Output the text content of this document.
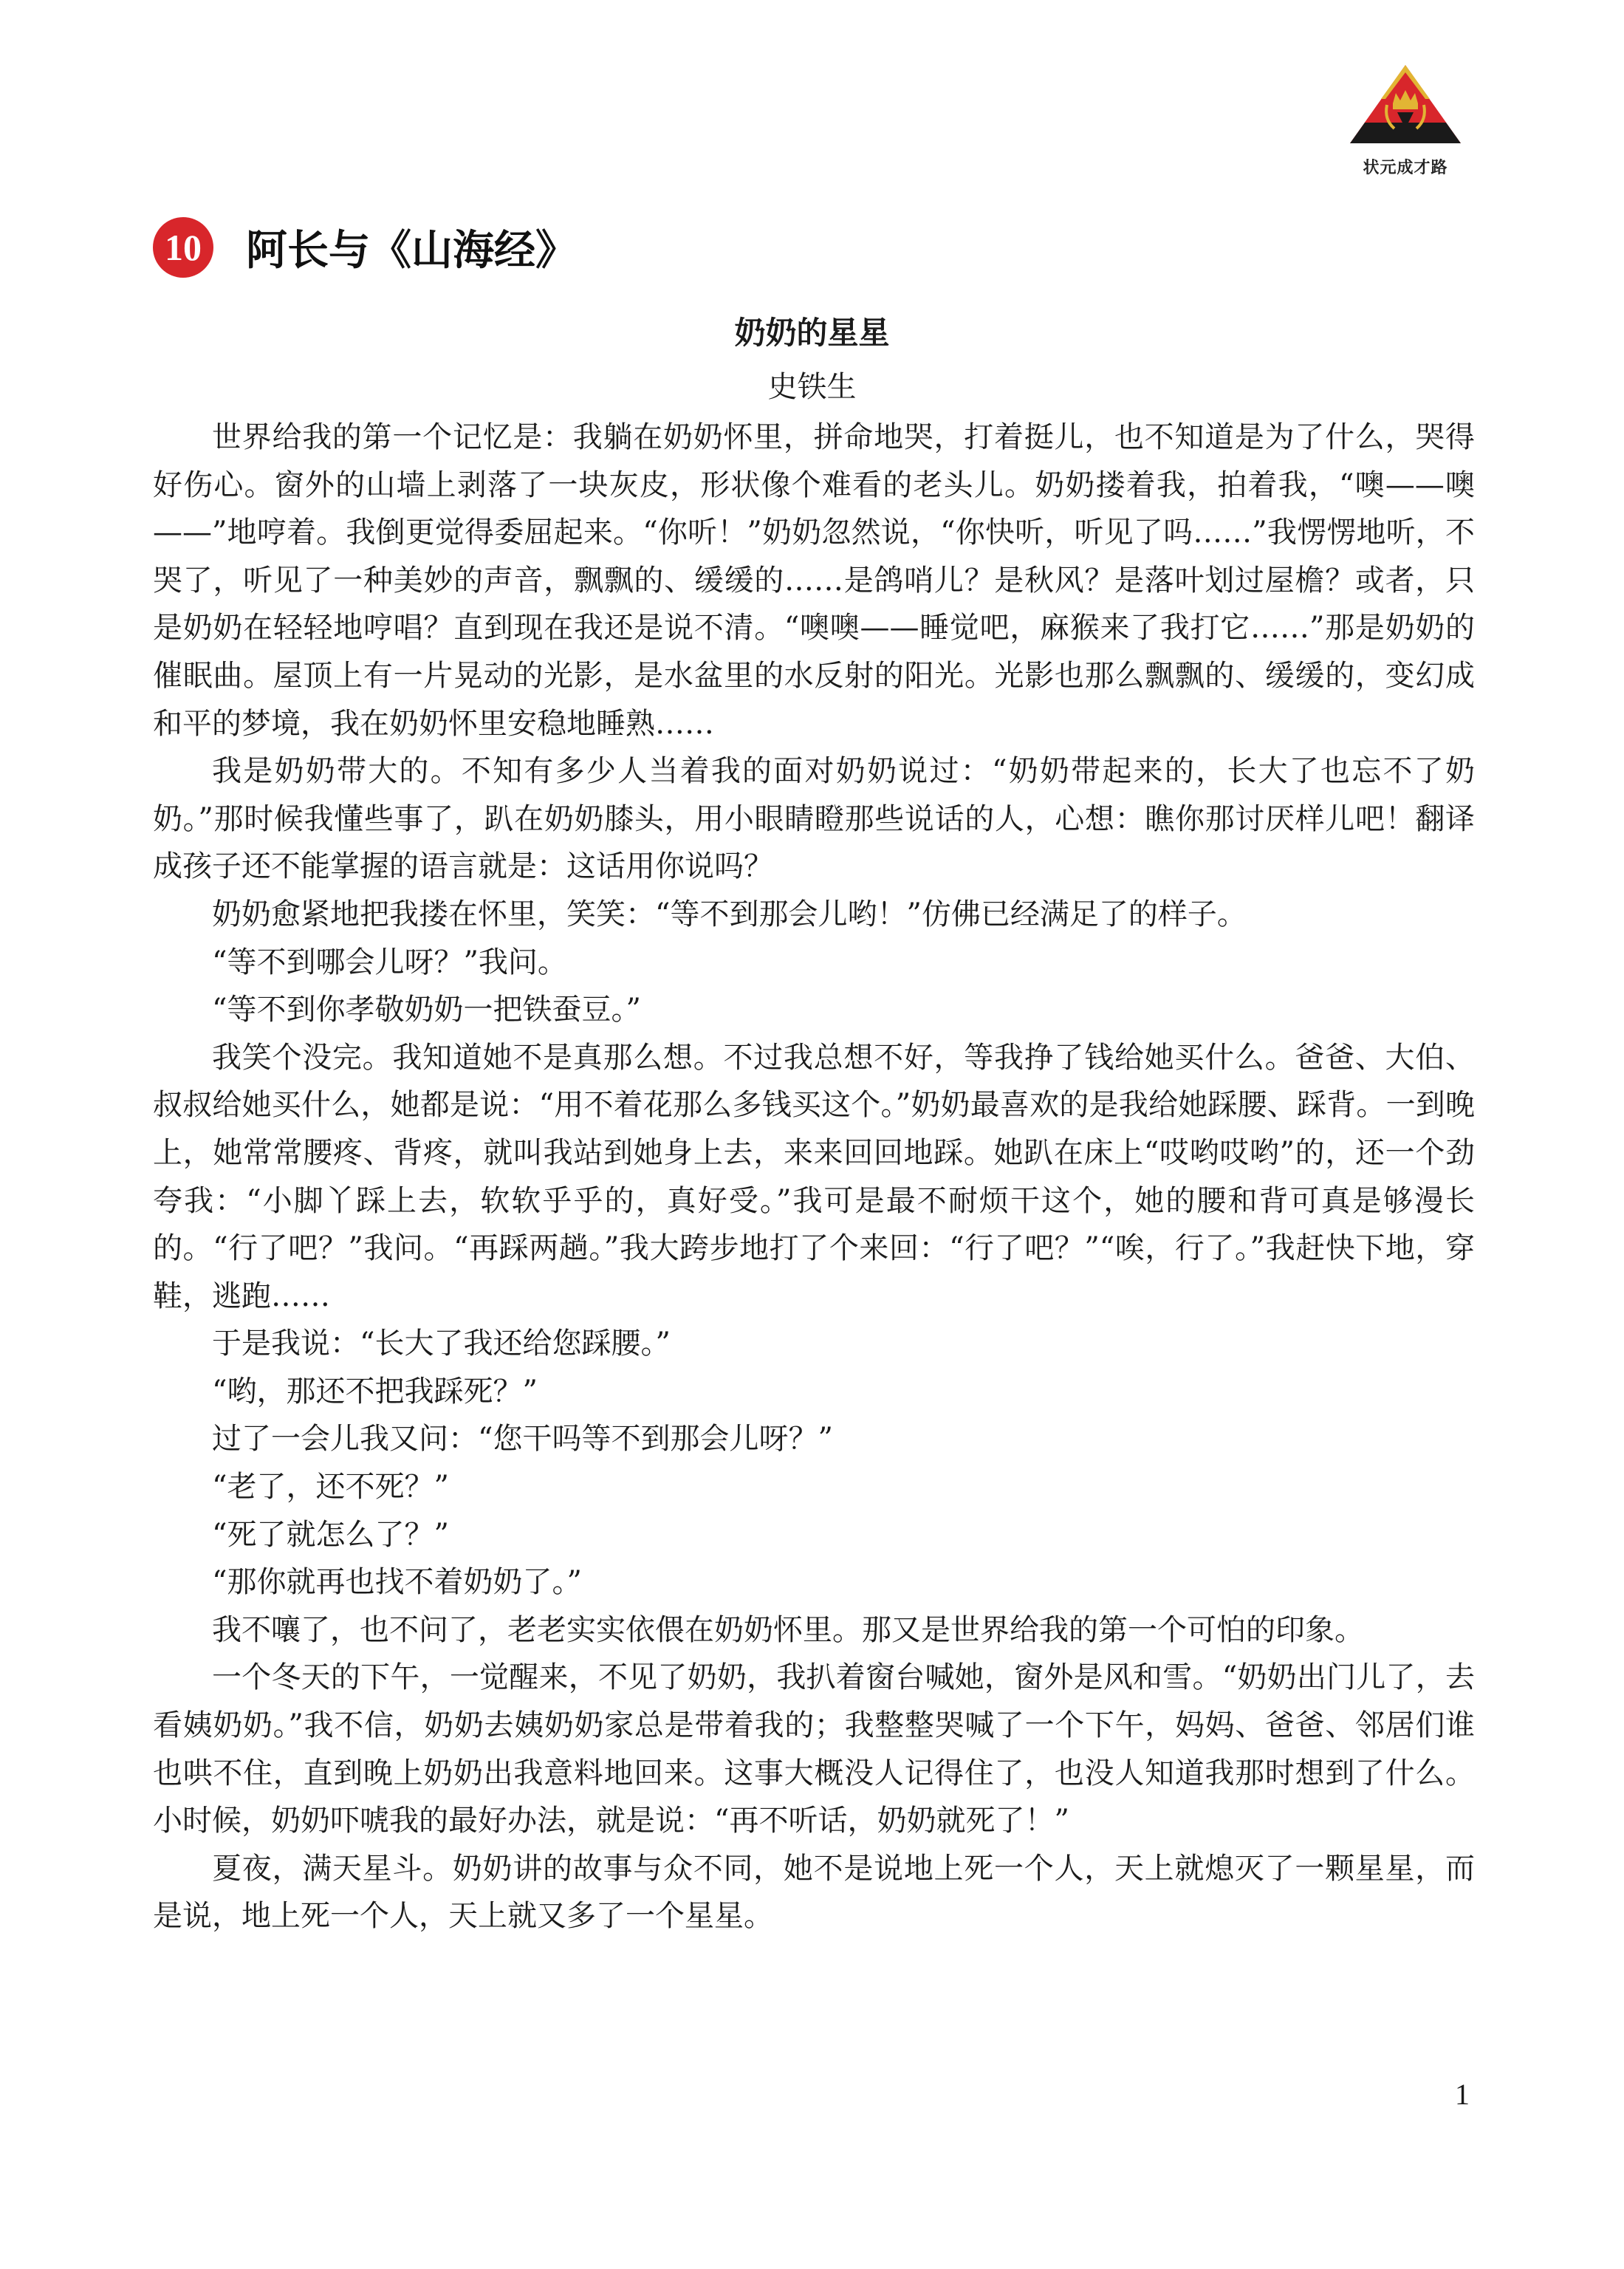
状元成才路
10 阿长与《山海经》
奶奶的星星
史铁生

世界给我的第一个记忆是：我躺在奶奶怀里，拼命地哭，打着挺儿，也不知道是为了什么，哭得好伤心。窗外的山墙上剥落了一块灰皮，形状像个难看的老头儿。奶奶搂着我，拍着我，“噢——噢——”地哼着。我倒更觉得委屈起来。“你听！”奶奶忽然说，“你快听，听见了吗……”我愣愣地听，不哭了，听见了一种美妙的声音，飘飘的、缓缓的……是鸽哨儿？是秋风？是落叶划过屋檐？或者，只是奶奶在轻轻地哼唱？直到现在我还是说不清。“噢噢——睡觉吧，麻猴来了我打它……”那是奶奶的催眠曲。屋顶上有一片晃动的光影，是水盆里的水反射的阳光。光影也那么飘飘的、缓缓的，变幻成和平的梦境，我在奶奶怀里安稳地睡熟……

我是奶奶带大的。不知有多少人当着我的面对奶奶说过：“奶奶带起来的，长大了也忘不了奶奶。”那时候我懂些事了，趴在奶奶膝头，用小眼睛瞪那些说话的人，心想：瞧你那讨厌样儿吧！翻译成孩子还不能掌握的语言就是：这话用你说吗？

奶奶愈紧地把我搂在怀里，笑笑：“等不到那会儿哟！”仿佛已经满足了的样子。

“等不到哪会儿呀？”我问。

“等不到你孝敬奶奶一把铁蚕豆。”

我笑个没完。我知道她不是真那么想。不过我总想不好，等我挣了钱给她买什么。爸爸、大伯、叔叔给她买什么，她都是说：“用不着花那么多钱买这个。”奶奶最喜欢的是我给她踩腰、踩背。一到晚上，她常常腰疼、背疼，就叫我站到她身上去，来来回回地踩。她趴在床上“哎哟哎哟”的，还一个劲夸我：“小脚丫踩上去，软软乎乎的，真好受。”我可是最不耐烦干这个，她的腰和背可真是够漫长的。“行了吧？”我问。“再踩两趟。”我大跨步地打了个来回：“行了吧？”“唉，行了。”我赶快下地，穿鞋，逃跑……

于是我说：“长大了我还给您踩腰。”

“哟，那还不把我踩死？”

过了一会儿我又问：“您干吗等不到那会儿呀？”

“老了，还不死？”

“死了就怎么了？”

“那你就再也找不着奶奶了。”

我不嚷了，也不问了，老老实实依偎在奶奶怀里。那又是世界给我的第一个可怕的印象。

一个冬天的下午，一觉醒来，不见了奶奶，我扒着窗台喊她，窗外是风和雪。“奶奶出门儿了，去看姨奶奶。”我不信，奶奶去姨奶奶家总是带着我的；我整整哭喊了一个下午，妈妈、爸爸、邻居们谁也哄不住，直到晚上奶奶出我意料地回来。这事大概没人记得住了，也没人知道我那时想到了什么。小时候，奶奶吓唬我的最好办法，就是说：“再不听话，奶奶就死了！”

夏夜，满天星斗。奶奶讲的故事与众不同，她不是说地上死一个人，天上就熄灭了一颗星星，而是说，地上死一个人，天上就又多了一个星星。

1
